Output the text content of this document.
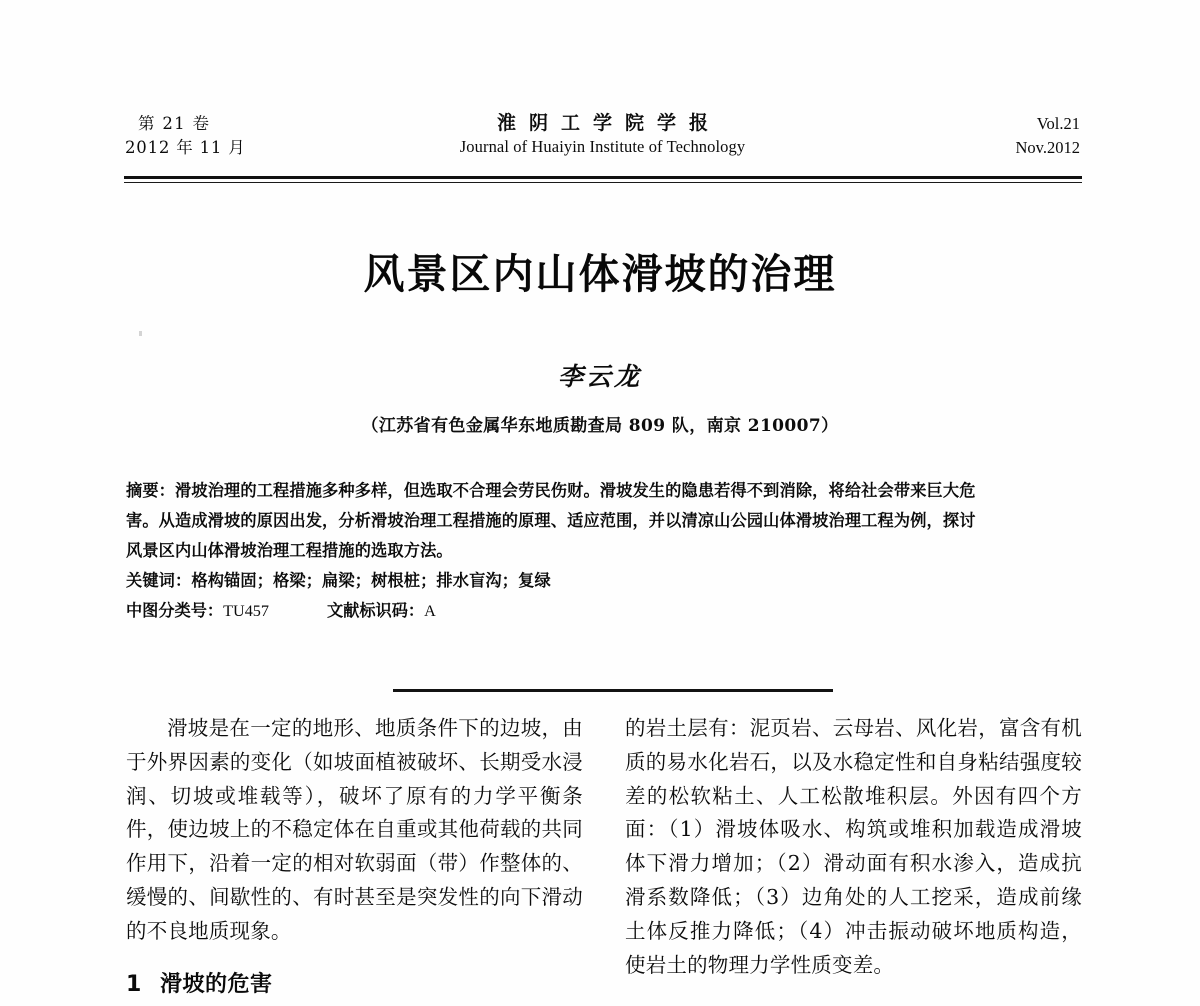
第 21 卷
2012 年 11 月
淮阴工学院学报
Journal of Huaiyin Institute of Technology
Vol.21
Nov.2012
风景区内山体滑坡的治理
李云龙
（江苏省有色金属华东地质勘查局 809 队，南京 210007）
摘要：滑坡治理的工程措施多种多样，但选取不合理会劳民伤财。滑坡发生的隐患若得不到消除，将给社会带来巨大危
害。从造成滑坡的原因出发，分析滑坡治理工程措施的原理、适应范围，并以清凉山公园山体滑坡治理工程为例，探讨
风景区内山体滑坡治理工程措施的选取方法。
关键词：格构锚固；格梁；扁梁；树根桩；排水盲沟；复绿
中图分类号：TU457	文献标识码：A

滑坡是在一定的地形、地质条件下的边坡，由于外界因素的变化（如坡面植被破坏、长期受水浸润、切坡或堆载等），破坏了原有的力学平衡条件，使边坡上的不稳定体在自重或其他荷载的共同作用下，沿着一定的相对软弱面（带）作整体的、缓慢的、间歇性的、有时甚至是突发性的向下滑动的不良地质现象。

1 滑坡的危害

的岩土层有：泥页岩、云母岩、风化岩，富含有机质的易水化岩石，以及水稳定性和自身粘结强度较差的松软粘土、人工松散堆积层。外因有四个方面：（1）滑坡体吸水、构筑或堆积加载造成滑坡体下滑力增加；（2）滑动面有积水渗入，造成抗滑系数降低；（3）边角处的人工挖采，造成前缘土体反推力降低；（4）冲击振动破坏地质构造，使岩土的物理力学性质变差。
